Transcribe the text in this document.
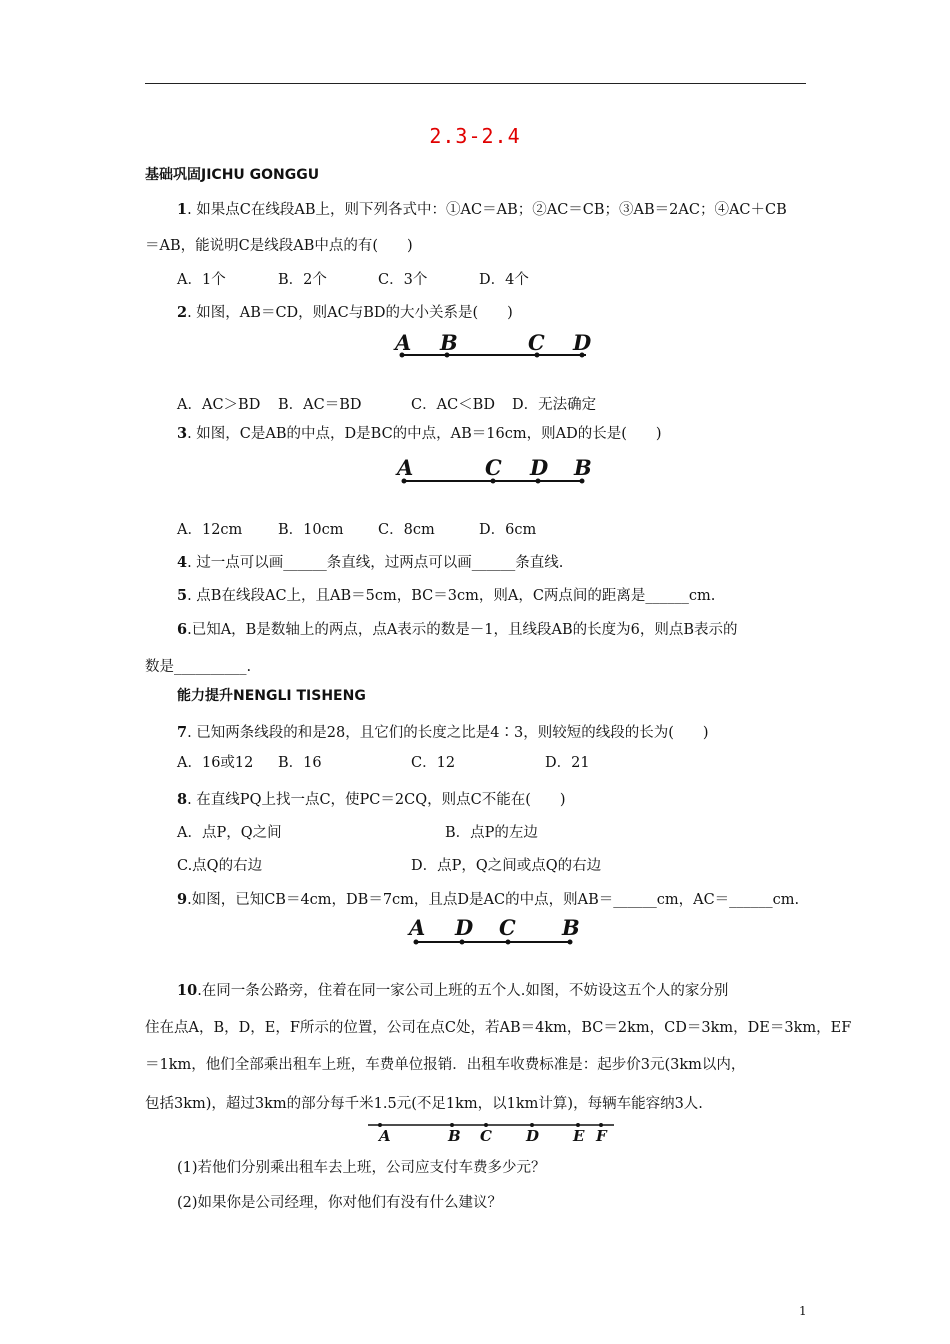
2.3-2.4
基础巩固JICHU GONGGU
1. 如果点C在线段AB上，则下列各式中：①AC＝AB；②AC＝CB；③AB＝2AC；④AC＋CB
＝AB，能说明C是线段AB中点的有(　　)
A．1个	B．2个	C．3个	D．4个
2. 如图，AB＝CD，则AC与BD的大小关系是(　　)
A B	C D
A．AC＞BD B．AC＝BD	C．AC＜BD D．无法确定
3. 如图，C是AB的中点，D是BC的中点，AB＝16cm，则AD的长是(　　)
A	C D B
A．12cm B．10cm C．8cm	D．6cm
4. 过一点可以画______条直线，过两点可以画______条直线.
5. 点B在线段AC上，且AB＝5cm，BC＝3cm，则A，C两点间的距离是______cm.
6.已知A，B是数轴上的两点，点A表示的数是－1，且线段AB的长度为6，则点B表示的
数是__________.
能力提升NENGLI TISHENG
7. 已知两条线段的和是28，且它们的长度之比是4∶3，则较短的线段的长为(　　)
A．16或12 B．16	C．12	D．21
8. 在直线PQ上找一点C，使PC＝2CQ，则点C不能在(　　)
A．点P，Q之间	B．点P的左边
C.点Q的右边	D．点P，Q之间或点Q的右边
9.如图，已知CB＝4cm，DB＝7cm，且点D是AC的中点，则AB＝______cm，AC＝______cm.
A D C B
10.在同一条公路旁，住着在同一家公司上班的五个人.如图，不妨设这五个人的家分别
住在点A，B，D，E，F所示的位置，公司在点C处，若AB＝4km，BC＝2km，CD＝3km，DE＝3km，EF
＝1km，他们全部乘出租车上班，车费单位报销．出租车收费标准是：起步价3元(3km以内，
包括3km)，超过3km的部分每千米1.5元(不足1km，以1km计算)，每辆车能容纳3人.
A	B C D E F
(1)若他们分别乘出租车去上班，公司应支付车费多少元？
(2)如果你是公司经理，你对他们有没有什么建议？
1
